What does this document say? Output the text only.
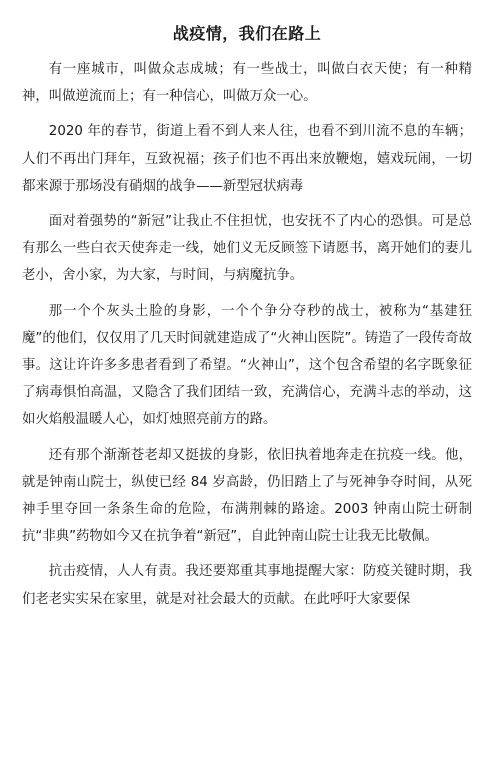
战疫情，我们在路上

有一座城市，叫做众志成城；有一些战士，叫做白衣天使；有一种精神，叫做逆流而上；有一种信心，叫做万众一心。

2020 年的春节，街道上看不到人来人往，也看不到川流不息的车辆；人们不再出门拜年，互致祝福；孩子们也不再出来放鞭炮，嬉戏玩闹，一切都来源于那场没有硝烟的战争——新型冠状病毒

面对着强势的“新冠”让我止不住担忧，也安抚不了内心的恐惧。可是总有那么一些白衣天使奔走一线，她们义无反顾签下请愿书，离开她们的妻儿老小，舍小家，为大家，与时间，与病魔抗争。

那一个个灰头土脸的身影，一个个争分夺秒的战士，被称为“基建狂魔”的他们，仅仅用了几天时间就建造成了“火神山医院”。铸造了一段传奇故事。这让许许多多患者看到了希望。“火神山”，这个包含希望的名字既象征了病毒惧怕高温，又隐含了我们团结一致，充满信心，充满斗志的举动，这如火焰般温暖人心，如灯烛照亮前方的路。

还有那个渐渐苍老却又挺拔的身影，依旧执着地奔走在抗疫一线。他，就是钟南山院士，纵使已经 84 岁高龄，仍旧踏上了与死神争夺时间，从死神手里夺回一条条生命的危险，布满荆棘的路途。2003 钟南山院士研制抗“非典”药物如今又在抗争着“新冠”，自此钟南山院士让我无比敬佩。

抗击疫情，人人有责。我还要郑重其事地提醒大家：防疫关键时期，我们老老实实呆在家里，就是对社会最大的贡献。在此呼吁大家要保
